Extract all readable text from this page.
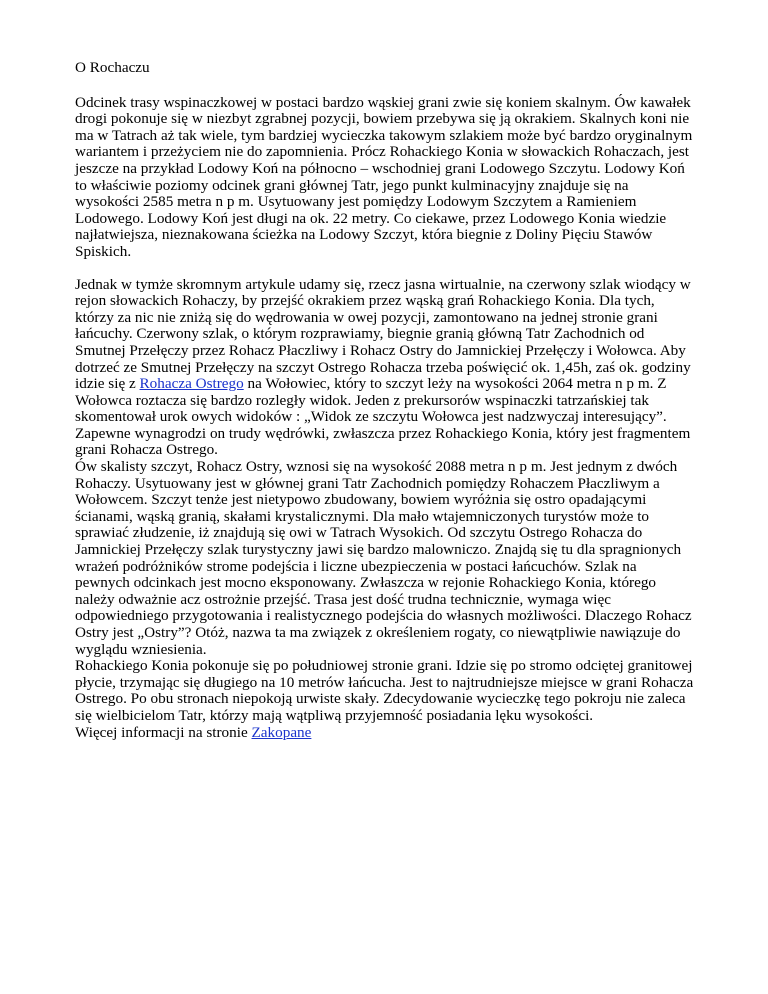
O Rochaczu

Odcinek trasy wspinaczkowej w postaci bardzo wąskiej grani zwie się koniem skalnym. Ów kawałek drogi pokonuje się w niezbyt zgrabnej pozycji, bowiem przebywa się ją okrakiem. Skalnych koni nie ma w Tatrach aż tak wiele, tym bardziej wycieczka takowym szlakiem może być bardzo oryginalnym wariantem i przeżyciem nie do zapomnienia. Prócz Rohackiego Konia w słowackich Rohaczach, jest jeszcze na przykład Lodowy Koń na północno – wschodniej grani Lodowego Szczytu. Lodowy Koń to właściwie poziomy odcinek grani głównej Tatr, jego punkt kulminacyjny znajduje się na wysokości 2585 metra n p m. Usytuowany jest pomiędzy Lodowym Szczytem a Ramieniem Lodowego. Lodowy Koń jest długi na ok. 22 metry. Co ciekawe, przez Lodowego Konia wiedzie najłatwiejsza, nieznakowana ścieżka na Lodowy Szczyt, która biegnie z Doliny Pięciu Stawów Spiskich.

Jednak w tymże skromnym artykule udamy się, rzecz jasna wirtualnie, na czerwony szlak wiodący w rejon słowackich Rohaczy, by przejść okrakiem przez wąską grań Rohackiego Konia. Dla tych, którzy za nic nie zniżą się do wędrowania w owej pozycji, zamontowano na jednej stronie grani łańcuchy. Czerwony szlak, o którym rozprawiamy, biegnie granią główną Tatr Zachodnich od Smutnej Przełęczy przez Rohacz Płaczliwy i Rohacz Ostry do Jamnickiej Przełęczy i Wołowca. Aby dotrzeć ze Smutnej Przełęczy na szczyt Ostrego Rohacza trzeba poświęcić ok. 1,45h, zaś ok. godziny idzie się z Rohacza Ostrego na Wołowiec, który to szczyt leży na wysokości 2064 metra n p m. Z Wołowca roztacza się bardzo rozległy widok. Jeden z prekursorów wspinaczki tatrzańskiej tak skomentował urok owych widoków : „Widok ze szczytu Wołowca jest nadzwyczaj interesujący”. Zapewne wynagrodzi on trudy wędrówki, zwłaszcza przez Rohackiego Konia, który jest fragmentem grani Rohacza Ostrego.

Ów skalisty szczyt, Rohacz Ostry, wznosi się na wysokość 2088 metra n p m. Jest jednym z dwóch Rohaczy. Usytuowany jest w głównej grani Tatr Zachodnich pomiędzy Rohaczem Płaczliwym a Wołowcem. Szczyt tenże jest nietypowo zbudowany, bowiem wyróżnia się ostro opadającymi ścianami, wąską granią, skałami krystalicznymi. Dla mało wtajemniczonych turystów może to sprawiać złudzenie, iż znajdują się owi w Tatrach Wysokich. Od szczytu Ostrego Rohacza do Jamnickiej Przełęczy szlak turystyczny jawi się bardzo malowniczo. Znajdą się tu dla spragnionych wrażeń podróżników strome podejścia i liczne ubezpieczenia w postaci łańcuchów. Szlak na pewnych odcinkach jest mocno eksponowany. Zwłaszcza w rejonie Rohackiego Konia, którego należy odważnie acz ostrożnie przejść. Trasa jest dość trudna technicznie, wymaga więc odpowiedniego przygotowania i realistycznego podejścia do własnych możliwości. Dlaczego Rohacz Ostry jest „Ostry”? Otóż, nazwa ta ma związek z określeniem rogaty, co niewątpliwie nawiązuje do wyglądu wzniesienia.

Rohackiego Konia pokonuje się po południowej stronie grani. Idzie się po stromo odciętej granitowej płycie, trzymając się długiego na 10 metrów łańcucha. Jest to najtrudniejsze miejsce w grani Rohacza Ostrego. Po obu stronach niepokoją urwiste skały. Zdecydowanie wycieczkę tego pokroju nie zaleca się wielbicielom Tatr, którzy mają wątpliwą przyjemność posiadania lęku wysokości.

Więcej informacji na stronie Zakopane
